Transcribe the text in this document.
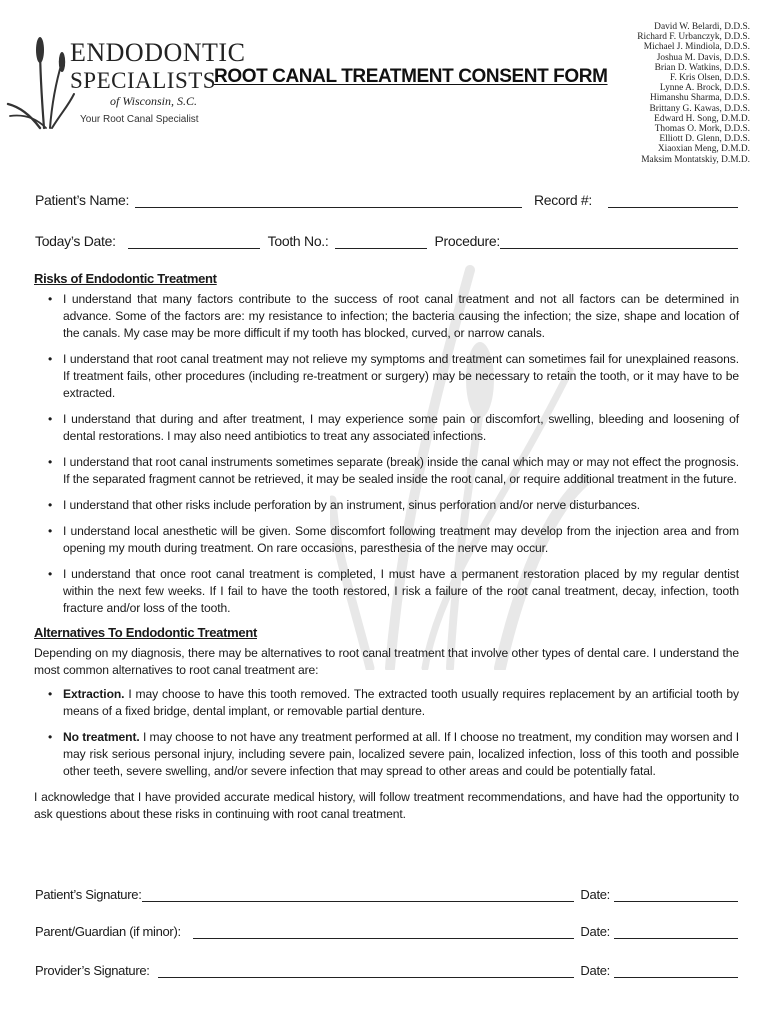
ENDODONTIC
SPECIALISTS
of Wisconsin, S.C.
Your Root Canal Specialist
ROOT CANAL TREATMENT CONSENT FORM
David W. Belardi, D.D.S.
Richard F. Urbanczyk, D.D.S.
Michael J. Mindiola, D.D.S.
Joshua M. Davis, D.D.S.
Brian D. Watkins, D.D.S.
F. Kris Olsen, D.D.S.
Lynne A. Brock, D.D.S.
Himanshu Sharma, D.D.S.
Brittany G. Kawas, D.D.S.
Edward H. Song, D.M.D.
Thomas O. Mork, D.D.S.
Elliott D. Glenn, D.D.S.
Xiaoxian Meng, D.M.D.
Maksim Montatskiy, D.M.D.
Patient’s Name:	Record #:
Today’s Date:	Tooth No.:	Procedure:
Risks of Endodontic Treatment
• I understand that many factors contribute to the success of root canal treatment and not all factors can be determined in advance. Some of the factors are: my resistance to infection; the bacteria causing the infection; the size, shape and location of the canals. My case may be more difficult if my tooth has blocked, curved, or narrow canals.
• I understand that root canal treatment may not relieve my symptoms and treatment can sometimes fail for unexplained reasons. If treatment fails, other procedures (including re-treatment or surgery) may be necessary to retain the tooth, or it may have to be extracted.
• I understand that during and after treatment, I may experience some pain or discomfort, swelling, bleeding and loosening of dental restorations. I may also need antibiotics to treat any associated infections.
• I understand that root canal instruments sometimes separate (break) inside the canal which may or may not effect the prognosis. If the separated fragment cannot be retrieved, it may be sealed inside the root canal, or require additional treatment in the future.
• I understand that other risks include perforation by an instrument, sinus perforation and/or nerve disturbances.
• I understand local anesthetic will be given. Some discomfort following treatment may develop from the injection area and from opening my mouth during treatment. On rare occasions, paresthesia of the nerve may occur.
• I understand that once root canal treatment is completed, I must have a permanent restoration placed by my regular dentist within the next few weeks. If I fail to have the tooth restored, I risk a failure of the root canal treatment, decay, infection, tooth fracture and/or loss of the tooth.
Alternatives To Endodontic Treatment

Depending on my diagnosis, there may be alternatives to root canal treatment that involve other types of dental care. I understand the most common alternatives to root canal treatment are:

• Extraction. I may choose to have this tooth removed. The extracted tooth usually requires replacement by an artificial tooth by means of a fixed bridge, dental implant, or removable partial denture.
• No treatment. I may choose to not have any treatment performed at all. If I choose no treatment, my condition may worsen and I may risk serious personal injury, including severe pain, localized severe pain, localized infection, loss of this tooth and possible other teeth, severe swelling, and/or severe infection that may spread to other areas and could be potentially fatal.

I acknowledge that I have provided accurate medical history, will follow treatment recommendations, and have had the opportunity to ask questions about these risks in continuing with root canal treatment.

Patient’s Signature:	Date:
Parent/Guardian (if minor):	Date:
Provider’s Signature:	Date:
